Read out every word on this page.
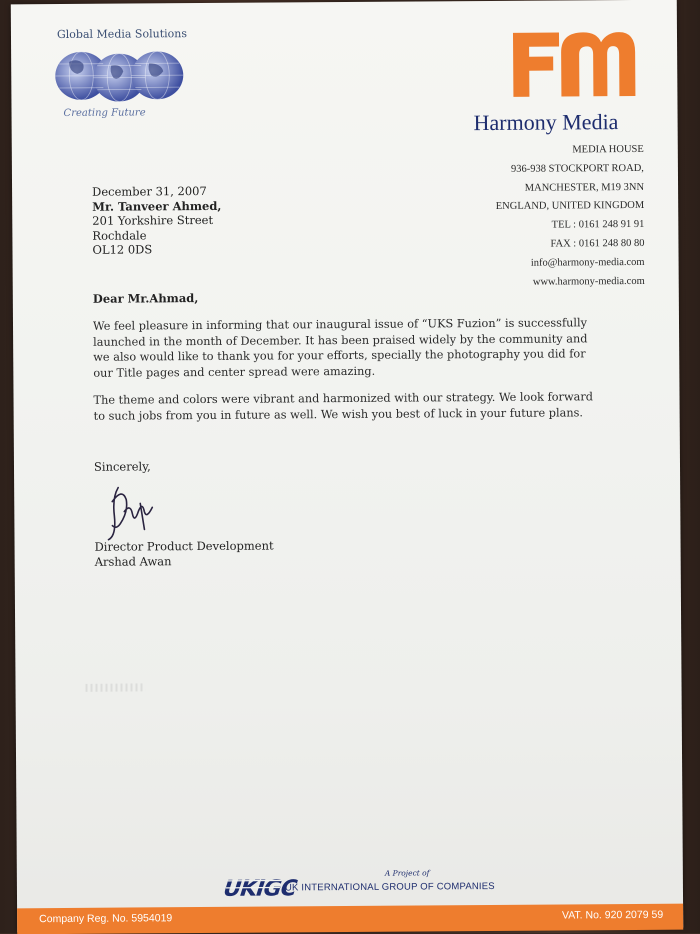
Global Media Solutions
Creating Future	Harmony Media
MEDIA HOUSE
936-938 STOCKPORT ROAD,
MANCHESTER, M19 3NN
ENGLAND, UNITED KINGDOM
TEL : 0161 248 91 91
FAX : 0161 248 80 80
info@harmony-media.com
www.harmony-media.com
December 31, 2007
Mr. Tanveer Ahmed,
201 Yorkshire Street
Rochdale
OL12 0DS
Dear Mr.Ahmad,

We feel pleasure in informing that our inaugural issue of “UKS Fuzion” is successfully launched in the month of December. It has been praised widely by the community and we also would like to thank you for your efforts, specially the photography you did for our Title pages and center spread were amazing.

The theme and colors were vibrant and harmonized with our strategy. We look forward to such jobs from you in future as well. We wish you best of luck in your future plans.

Sincerely,
Director Product Development
Arshad Awan
UKIGC
A Project of
UK INTERNATIONAL GROUP OF COMPANIES
Company Reg. No. 5954019	VAT. No. 920 2079 59
